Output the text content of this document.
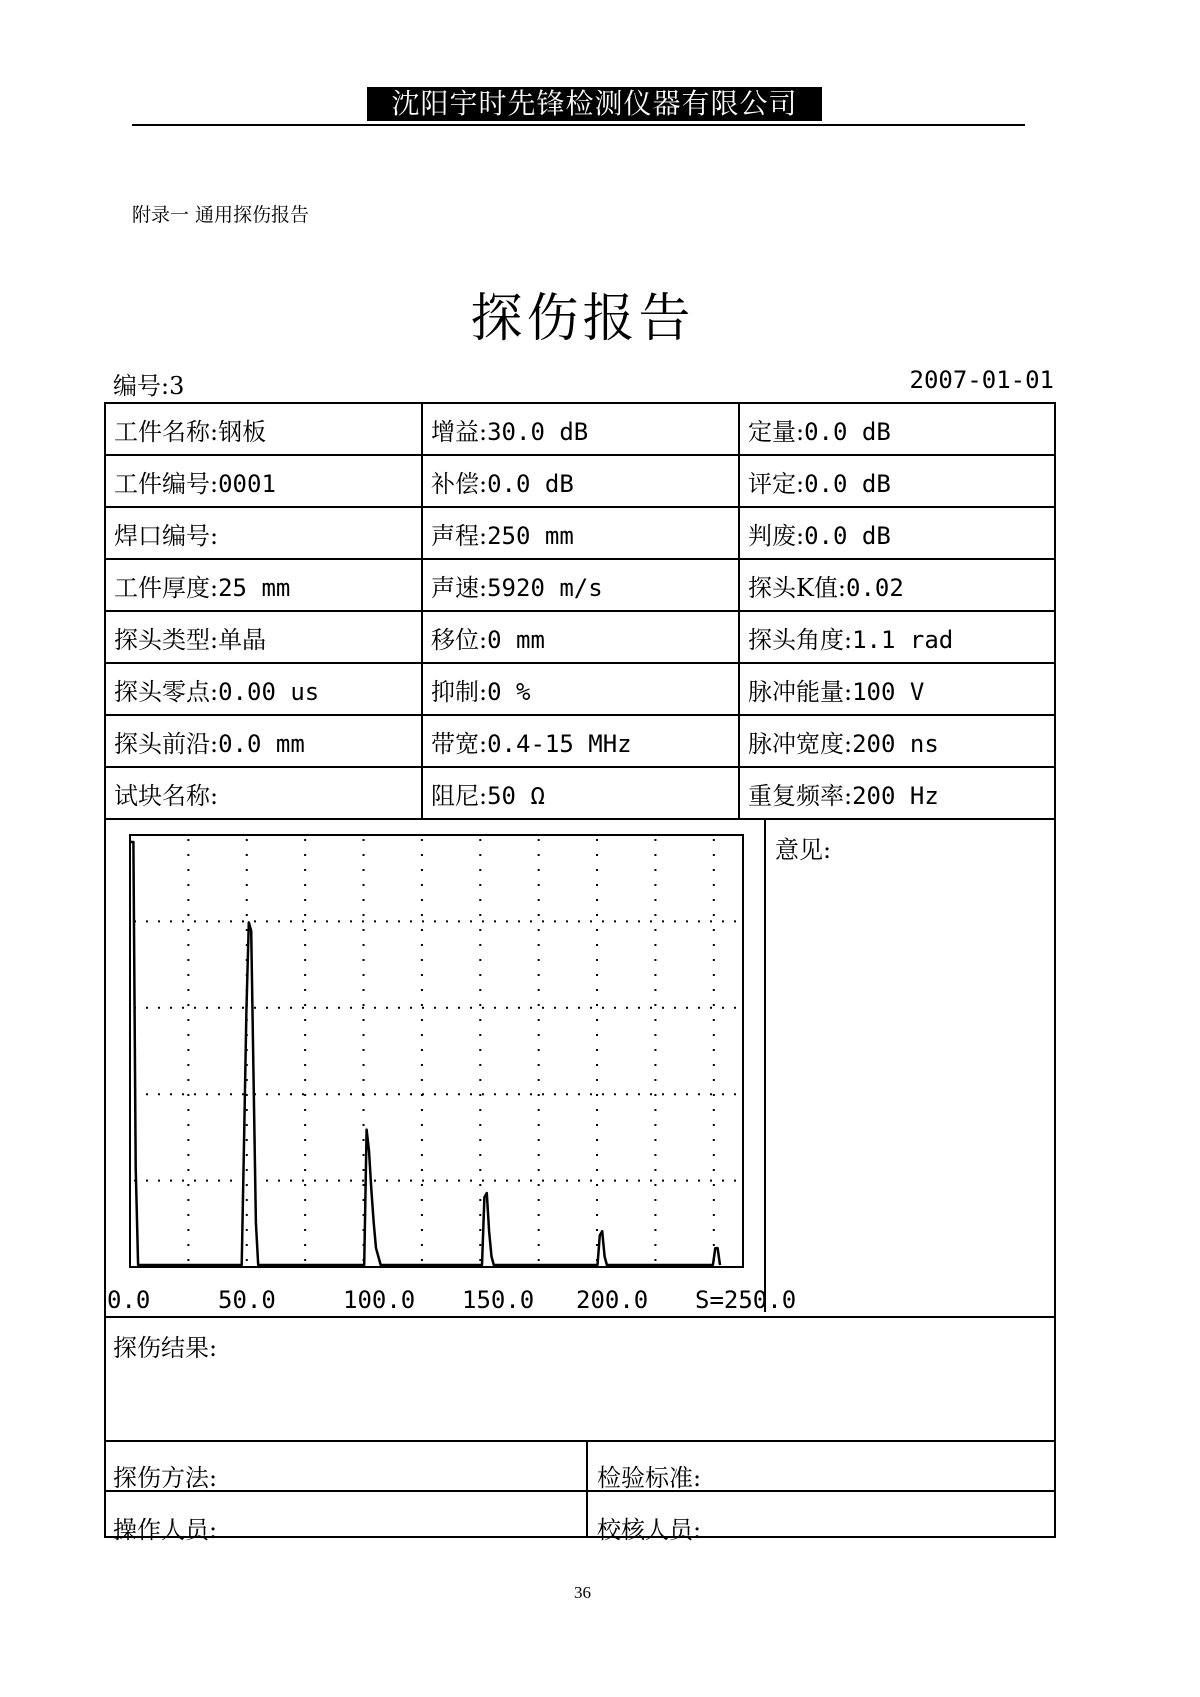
沈阳宇时先锋检测仪器有限公司
附录一 通用探伤报告
探伤报告
编号:3	2007-01-01
工件名称:钢板	增益:30.0 dB	定量:0.0 dB
工件编号:0001	补偿:0.0 dB	评定:0.0 dB
焊口编号:	声程:250 mm	判废:0.0 dB
工件厚度:25 mm	声速:5920 m/s	探头K值:0.02
探头类型:单晶	移位:0 mm	探头角度:1.1 rad
探头零点:0.00 us	抑制:0 %	脉冲能量:100 V
探头前沿:0.0 mm	带宽:0.4-15 MHz	脉冲宽度:200 ns
试块名称:	阻尼:50 Ω	重复频率:200 Hz
意见:
探伤结果:
探伤方法:	检验标准:
操作人员:	校核人员:
36
0.0	50.0	100.0 150.0 200.0 S=250.0
